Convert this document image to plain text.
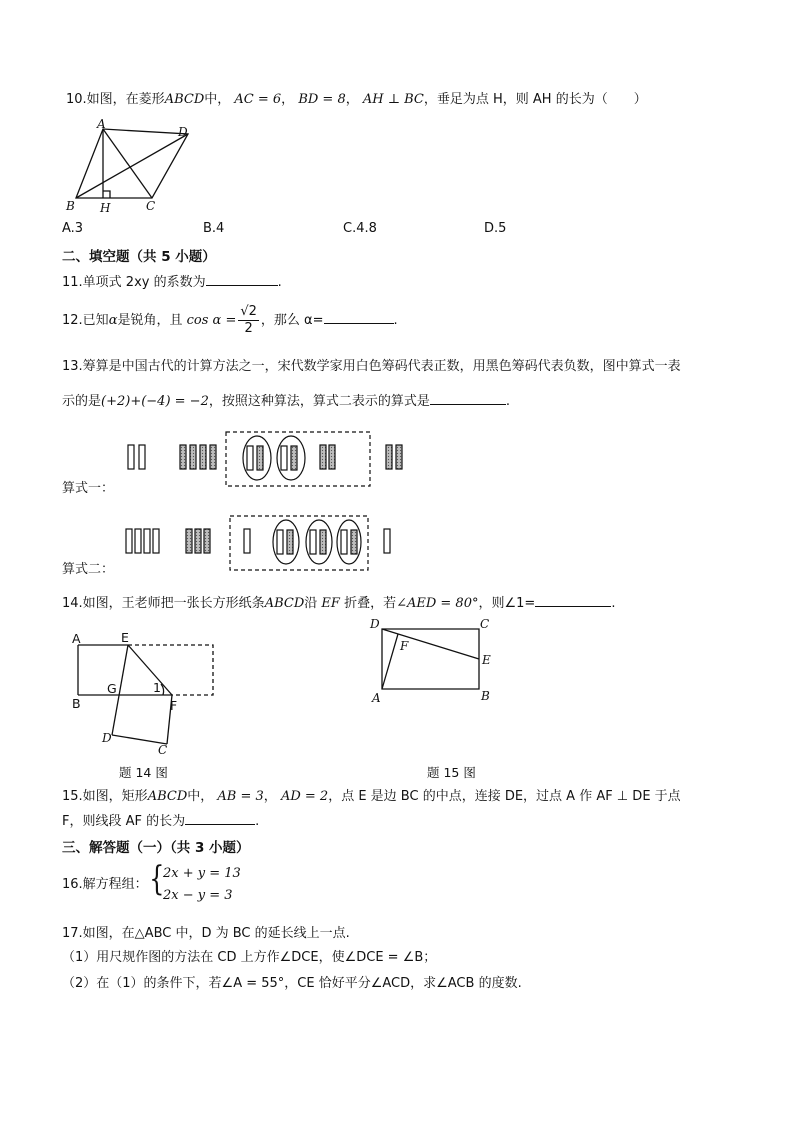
10.如图，在菱形ABCD中， AC = 6， BD = 8， AH ⊥ BC，垂足为点 H，则 AH 的长为（　　）
A
D
B H	C
A.3	B.4	C.4.8	D.5
二、填空题（共 5 小题）
11.单项式 2xy 的系数为	.
12.已知α是锐角，且 $\cos \alpha = \frac{√2}{2}$ ，那么 α=	.
13.筹算是中国古代的计算方法之一，宋代数学家用白色筹码代表正数，用黑色筹码代表负数，图中算式一表
示的是(+2)+(−4) = −2，按照这种算法，算式二表示的算式是	.
算式一：
算式二：
14.如图，王老师把一张长方形纸条ABCD沿 EF 折叠，若∠AED = 80°，则∠1=	.
A	E
B
G	1
F
D
C
D	C
F
E
A	B
题 14 图	题 15 图
15.如图，矩形ABCD中， AB = 3， AD = 2，点 E 是边 BC 的中点，连接 DE，过点 A 作 AF ⊥ DE 于点
F，则线段 AF 的长为	.
三、解答题（一）（共 3 小题）
16.解方程组： {
2x + y = 13
2x − y = 3
17.如图，在△ABC 中，D 为 BC 的延长线上一点.
（1）用尺规作图的方法在 CD 上方作∠DCE，使∠DCE = ∠B；
（2）在（1）的条件下，若∠A = 55°，CE 恰好平分∠ACD，求∠ACB 的度数.
